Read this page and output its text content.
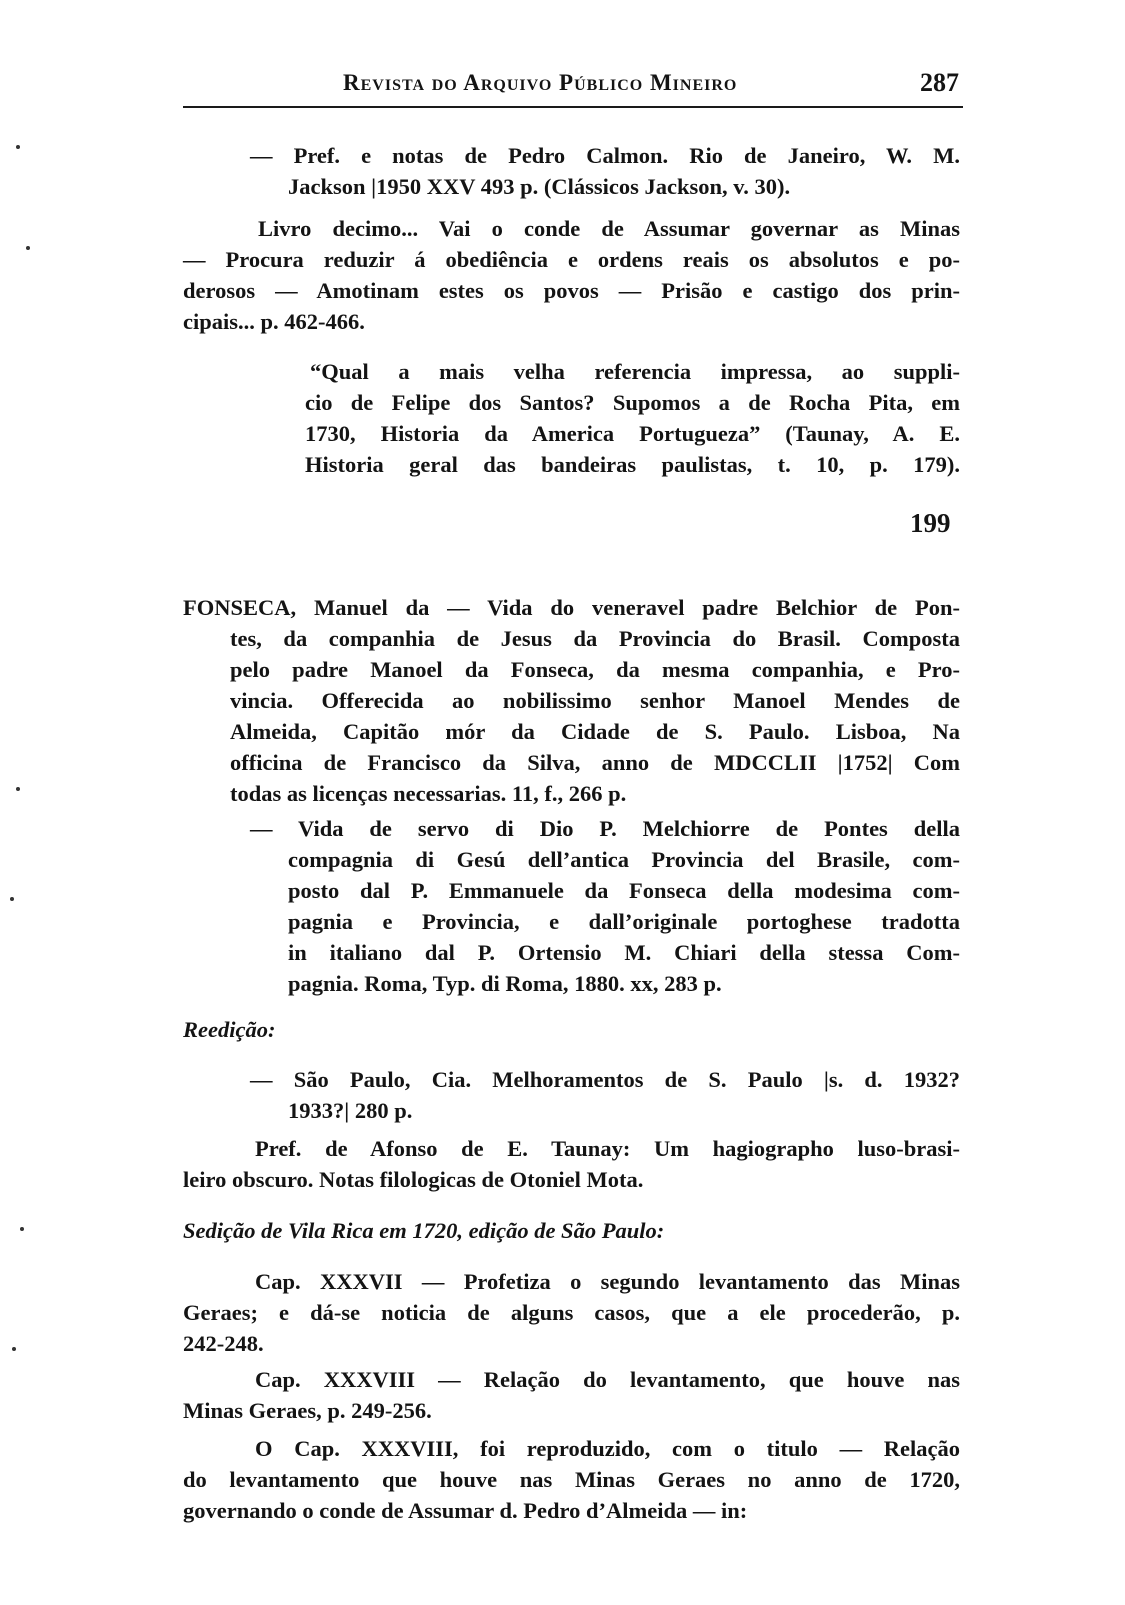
Revista do Arquivo Público Mineiro	287
— Pref. e notas de Pedro Calmon. Rio de Janeiro, W. M.
Jackson |1950 XXV 493 p. (Clássicos Jackson, v. 30).
Livro decimo... Vai o conde de Assumar governar as Minas
— Procura reduzir á obediência e ordens reais os absolutos e po-
derosos — Amotinam estes os povos — Prisão e castigo dos prin-
cipais... p. 462-466.
“Qual a mais velha referencia impressa, ao suppli-
cio de Felipe dos Santos? Supomos a de Rocha Pita, em
1730, Historia da America Portugueza” (Taunay, A. E.
Historia geral das bandeiras paulistas, t. 10, p. 179).
199
FONSECA, Manuel da — Vida do veneravel padre Belchior de Pon-
tes, da companhia de Jesus da Provincia do Brasil. Composta
pelo padre Manoel da Fonseca, da mesma companhia, e Pro-
vincia. Offerecida ao nobilissimo senhor Manoel Mendes de
Almeida, Capitão mór da Cidade de S. Paulo. Lisboa, Na
officina de Francisco da Silva, anno de MDCCLII |1752| Com
todas as licenças necessarias. 11, f., 266 p.
— Vida de servo di Dio P. Melchiorre de Pontes della
compagnia di Gesú dell’antica Provincia del Brasile, com-
posto dal P. Emmanuele da Fonseca della modesima com-
pagnia e Provincia, e dall’originale portoghese tradotta
in italiano dal P. Ortensio M. Chiari della stessa Com-
pagnia. Roma, Typ. di Roma, 1880. xx, 283 p.
Reedição:
— São Paulo, Cia. Melhoramentos de S. Paulo |s. d. 1932?
1933?| 280 p.
Pref. de Afonso de E. Taunay: Um hagiographo luso-brasi-
leiro obscuro. Notas filologicas de Otoniel Mota.
Sedição de Vila Rica em 1720, edição de São Paulo:
Cap. XXXVII — Profetiza o segundo levantamento das Minas
Geraes; e dá-se noticia de alguns casos, que a ele procederão, p.
242-248.
Cap. XXXVIII — Relação do levantamento, que houve nas
Minas Geraes, p. 249-256.
O Cap. XXXVIII, foi reproduzido, com o titulo — Relação
do levantamento que houve nas Minas Geraes no anno de 1720,
governando o conde de Assumar d. Pedro d’Almeida — in:
